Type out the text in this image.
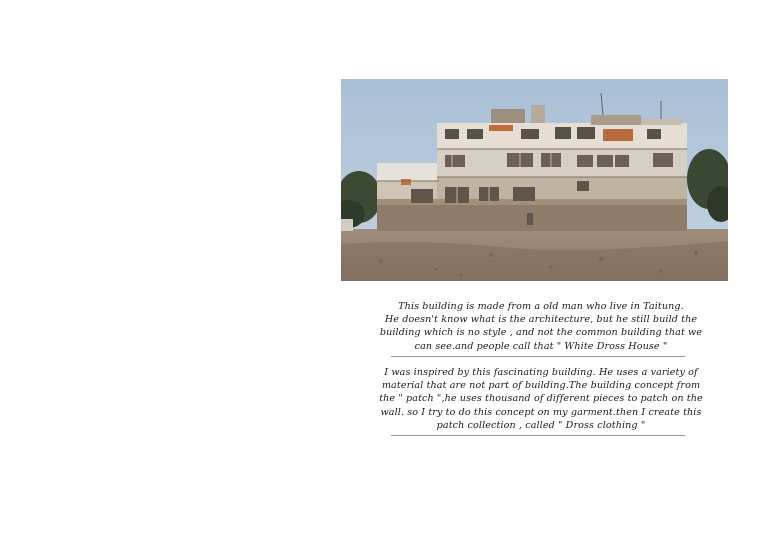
This building is made from a old man who live in Taitung.
He doesn't know what is the architecture, but he still build the
building which is no style , and not the common building that we
can see.and people call that " White Dross House "
I was inspired by this fascinating building. He uses a variety of
material that are not part of building.The building concept from
the " patch ",he uses thousand of different pieces to patch on the
wall. so I try to do this concept on my garment.then I create this
patch collection , called " Dross clothing "
